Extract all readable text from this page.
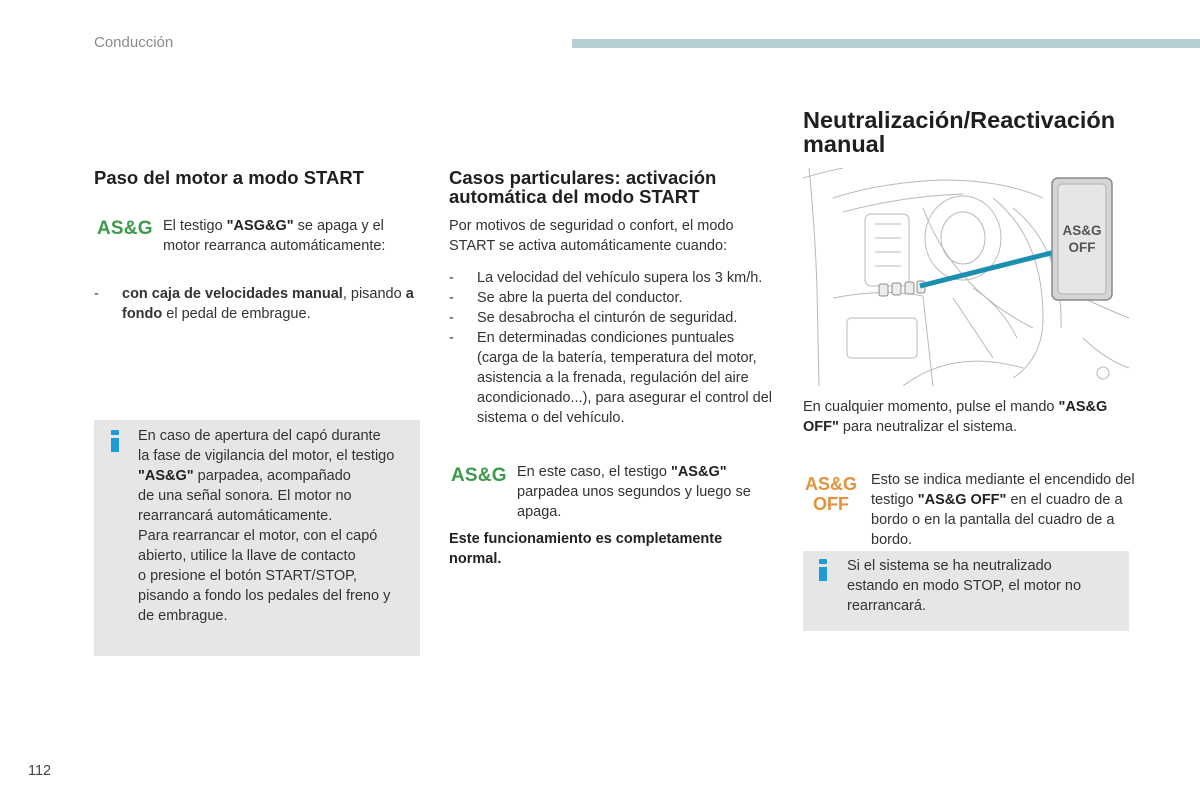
Conducción
Paso del motor a modo START
AS&G El testigo "ASG&G" se apaga y el motor rearranca automáticamente:

- con caja de velocidades manual, pisando a fondo el pedal de embrague.
En caso de apertura del capó durante
la fase de vigilancia del motor, el testigo
"AS&G" parpadea, acompañado
de una señal sonora. El motor no
rearrancará automáticamente.
Para rearrancar el motor, con el capó
abierto, utilice la llave de contacto
o presione el botón START/STOP,
pisando a fondo los pedales del freno y
de embrague.
Casos particulares: activación
automática del modo START

Por motivos de seguridad o confort, el modo START se activa automáticamente cuando:

- La velocidad del vehículo supera los 3 km/h.
- Se abre la puerta del conductor.
- Se desabrocha el cinturón de seguridad.
- En determinadas condiciones puntuales (carga de la batería, temperatura del motor, asistencia a la frenada, regulación del aire acondicionado...), para asegurar el control del sistema o del vehículo.
AS&G En este caso, el testigo "AS&G" parpadea unos segundos y luego se apaga.

Este funcionamiento es completamente normal.

Neutralización/Reactivación
manual
AS&G
OFF

En cualquier momento, pulse el mando "AS&G OFF" para neutralizar el sistema.

AS&G
OFF

Esto se indica mediante el encendido del testigo "AS&G OFF" en el cuadro de a bordo o en la pantalla del cuadro de a bordo.

Si el sistema se ha neutralizado
estando en modo STOP, el motor no
rearrancará.
112
